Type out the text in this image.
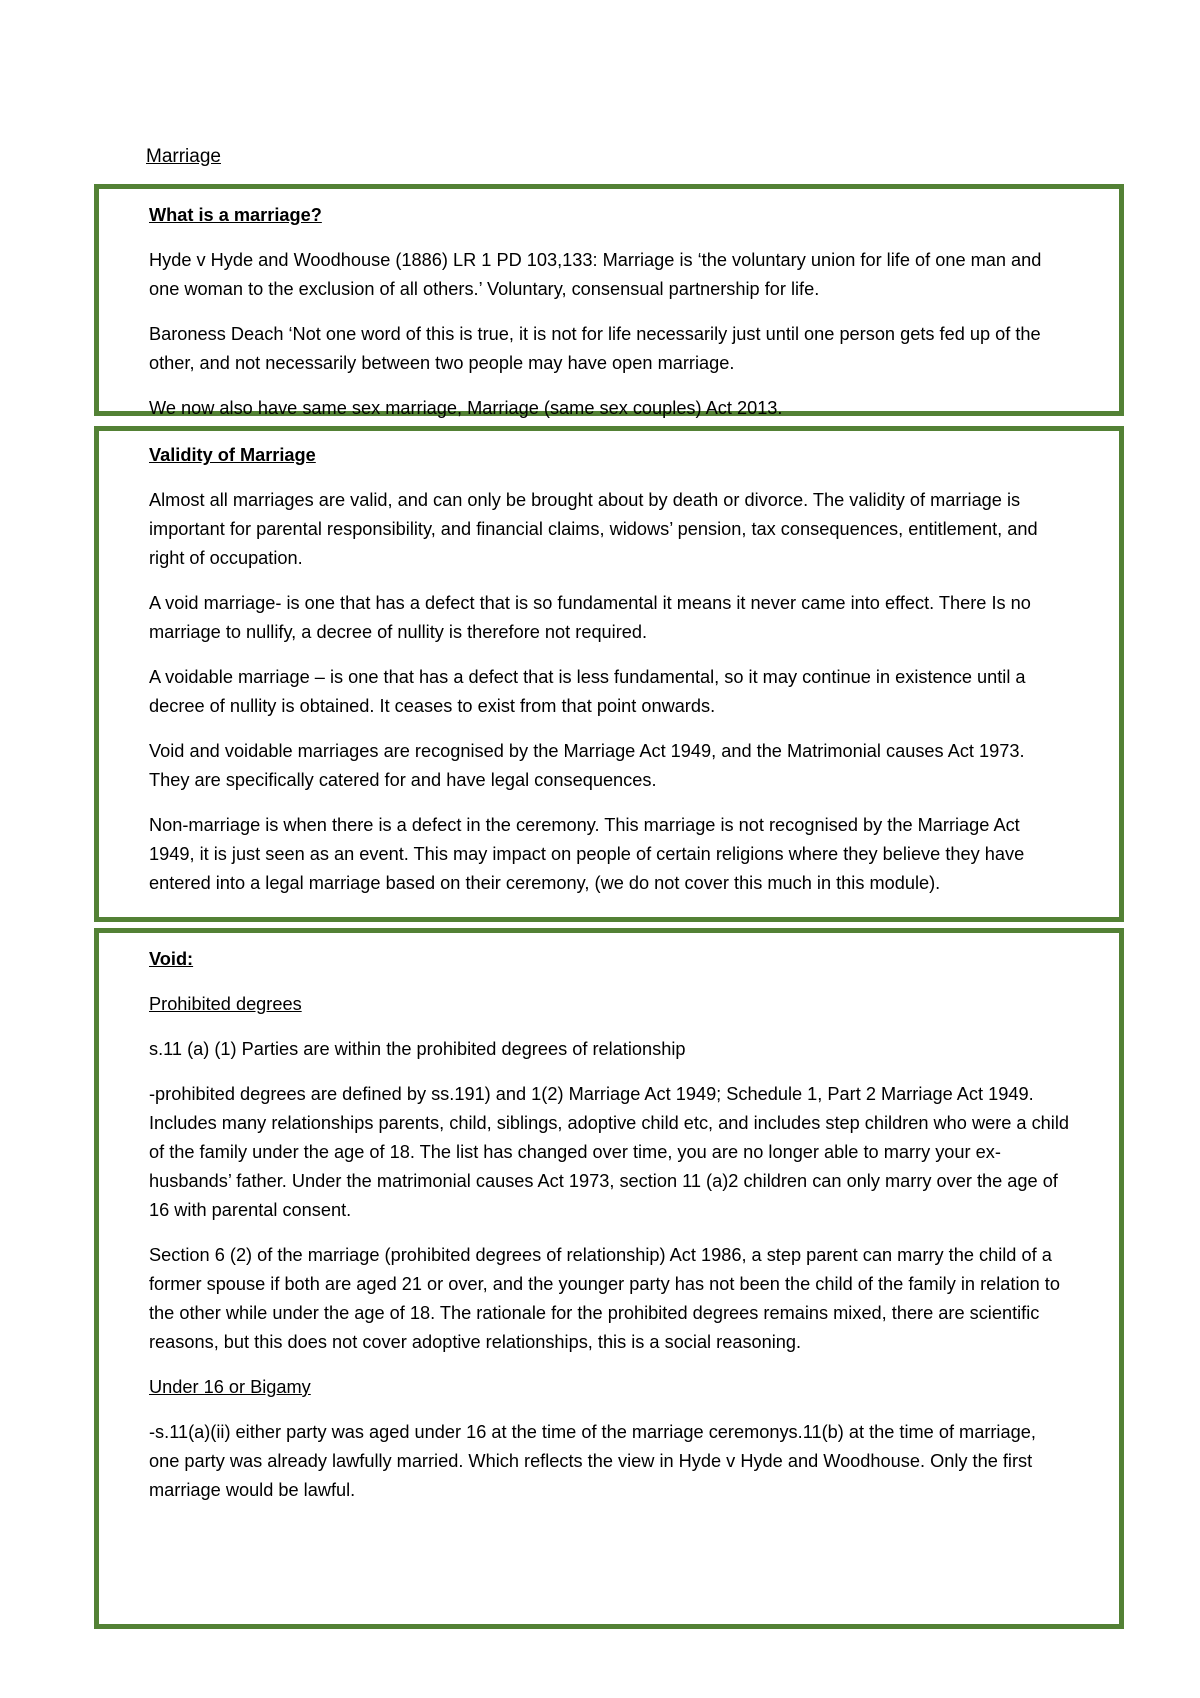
Marriage

What is a marriage?

Hyde v Hyde and Woodhouse (1886) LR 1 PD 103,133: Marriage is ‘the voluntary union for life of one man and one woman to the exclusion of all others.’ Voluntary, consensual partnership for life.

Baroness Deach ‘Not one word of this is true, it is not for life necessarily just until one person gets fed up of the other, and not necessarily between two people may have open marriage.

We now also have same sex marriage, Marriage (same sex couples) Act 2013.

Validity of Marriage

Almost all marriages are valid, and can only be brought about by death or divorce. The validity of marriage is important for parental responsibility, and financial claims, widows’ pension, tax consequences, entitlement, and right of occupation.

A void marriage- is one that has a defect that is so fundamental it means it never came into effect. There Is no marriage to nullify, a decree of nullity is therefore not required.

A voidable marriage – is one that has a defect that is less fundamental, so it may continue in existence until a decree of nullity is obtained. It ceases to exist from that point onwards.

Void and voidable marriages are recognised by the Marriage Act 1949, and the Matrimonial causes Act 1973. They are specifically catered for and have legal consequences.

Non-marriage is when there is a defect in the ceremony. This marriage is not recognised by the Marriage Act 1949, it is just seen as an event. This may impact on people of certain religions where they believe they have entered into a legal marriage based on their ceremony, (we do not cover this much in this module).

Void:

Prohibited degrees

s.11 (a) (1) Parties are within the prohibited degrees of relationship

-prohibited degrees are defined by ss.191) and 1(2) Marriage Act 1949; Schedule 1, Part 2 Marriage Act 1949. Includes many relationships parents, child, siblings, adoptive child etc, and includes step children who were a child of the family under the age of 18. The list has changed over time, you are no longer able to marry your ex-husbands’ father. Under the matrimonial causes Act 1973, section 11 (a)2 children can only marry over the age of 16 with parental consent.

Section 6 (2) of the marriage (prohibited degrees of relationship) Act 1986, a step parent can marry the child of a former spouse if both are aged 21 or over, and the younger party has not been the child of the family in relation to the other while under the age of 18. The rationale for the prohibited degrees remains mixed, there are scientific reasons, but this does not cover adoptive relationships, this is a social reasoning.

Under 16 or Bigamy

-s.11(a)(ii) either party was aged under 16 at the time of the marriage ceremonys.11(b) at the time of marriage, one party was already lawfully married. Which reflects the view in Hyde v Hyde and Woodhouse. Only the first marriage would be lawful.
